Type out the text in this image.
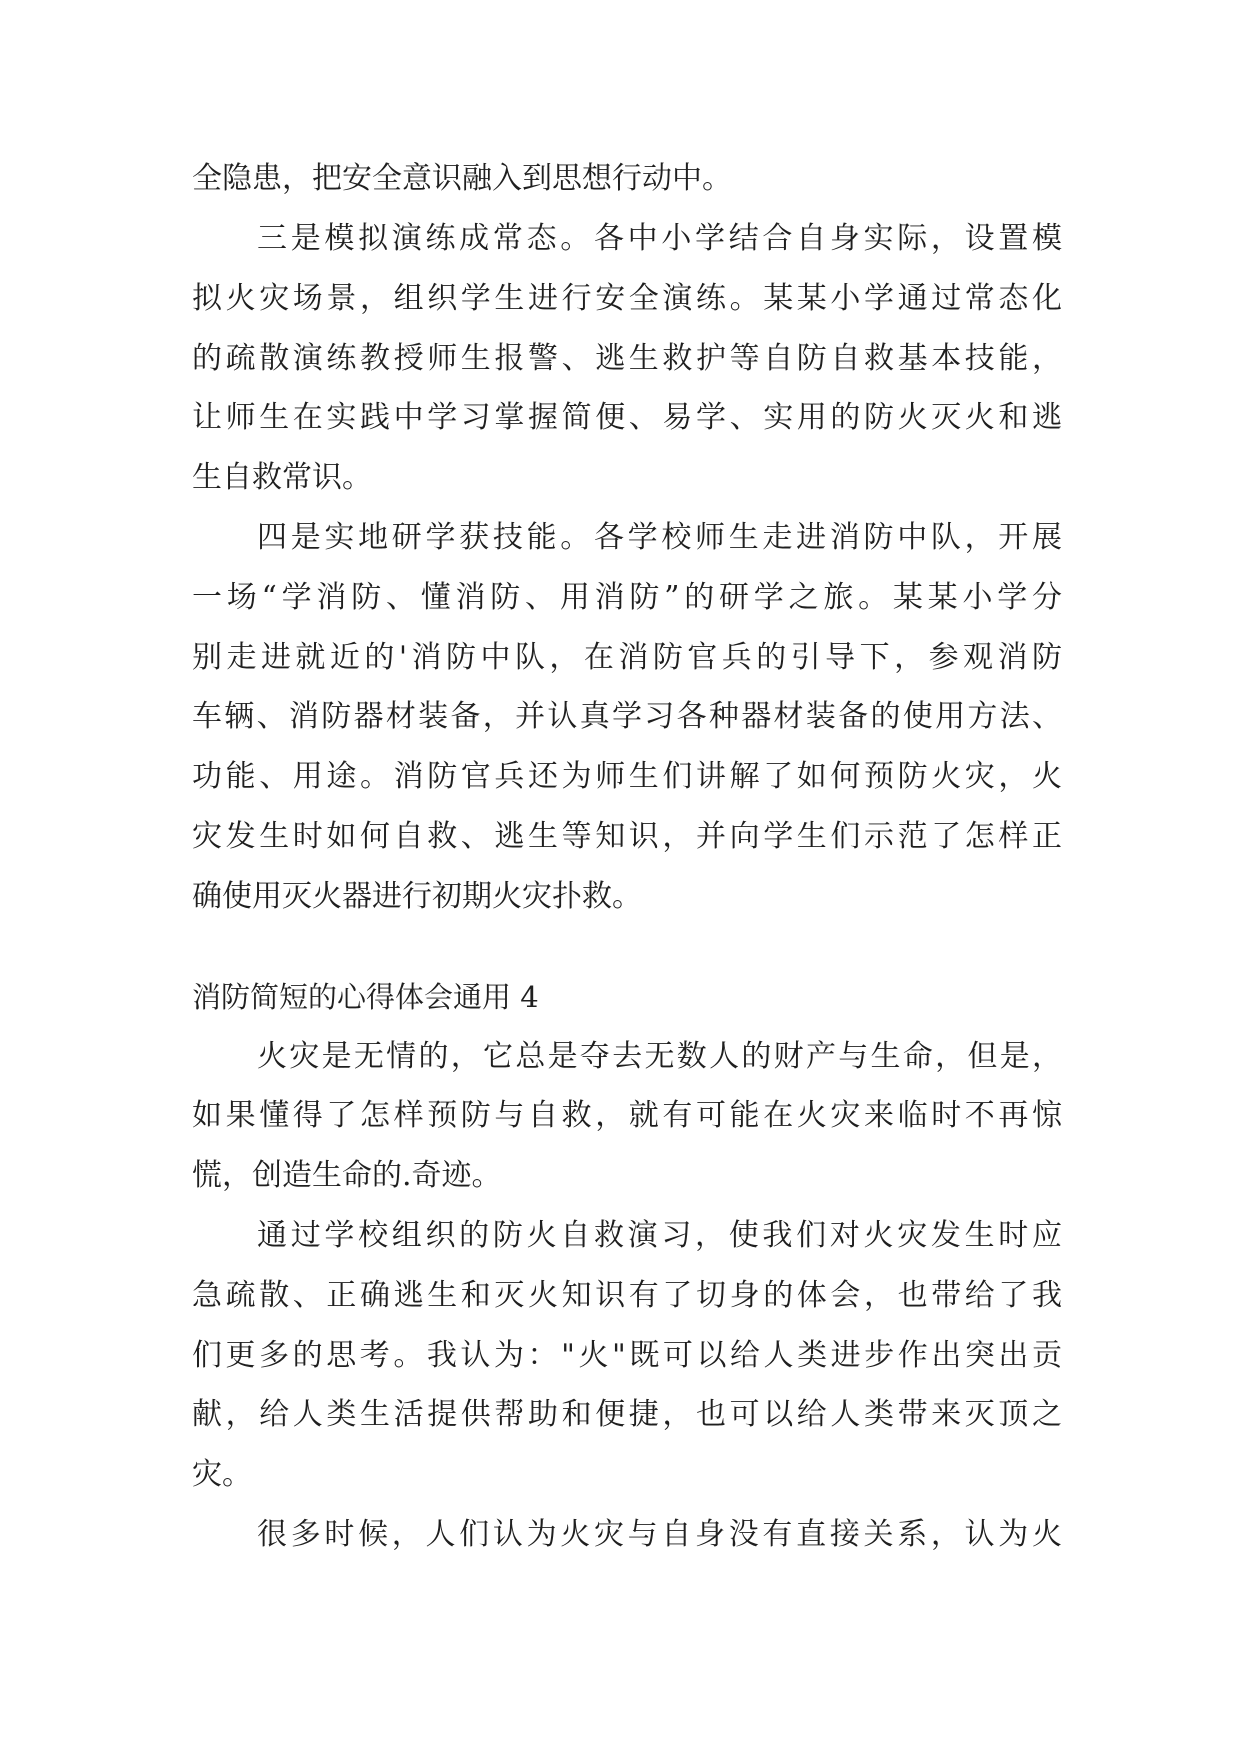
全隐患，把安全意识融入到思想行动中。

三是模拟演练成常态。各中小学结合自身实际，设置模

拟火灾场景，组织学生进行安全演练。某某小学通过常态化

的疏散演练教授师生报警、逃生救护等自防自救基本技能，

让师生在实践中学习掌握简便、易学、实用的防火灭火和逃

生自救常识。

四是实地研学获技能。各学校师生走进消防中队，开展

一场“学消防、懂消防、用消防”的研学之旅。某某小学分

别走进就近的'消防中队，在消防官兵的引导下，参观消防

车辆、消防器材装备，并认真学习各种器材装备的使用方法、

功能、用途。消防官兵还为师生们讲解了如何预防火灾，火

灾发生时如何自救、逃生等知识，并向学生们示范了怎样正

确使用灭火器进行初期火灾扑救。

消防简短的心得体会通用 4

火灾是无情的，它总是夺去无数人的财产与生命，但是，

如果懂得了怎样预防与自救，就有可能在火灾来临时不再惊

慌，创造生命的.奇迹。

通过学校组织的防火自救演习，使我们对火灾发生时应

急疏散、正确逃生和灭火知识有了切身的体会，也带给了我

们更多的思考。我认为："火"既可以给人类进步作出突出贡

献，给人类生活提供帮助和便捷，也可以给人类带来灭顶之

灾。

很多时候，人们认为火灾与自身没有直接关系，认为火
